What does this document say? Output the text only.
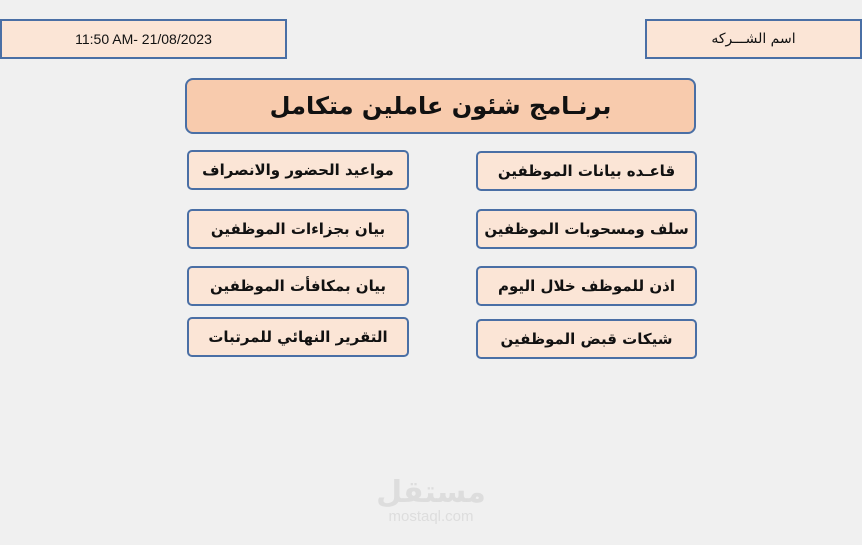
11:50 AM- 21/08/2023	اسم الشـــركه
برنـامج شئون عاملين متكامل
مواعيد الحضور والانصراف	قاعـده بيانات الموظفين
بيان بجزاءات الموظفين	سلف ومسحوبات الموظفين
بيان بمكافأت الموظفين	اذن للموظف خلال اليوم
التقرير النهائي للمرتبات	شيكات قبض الموظفين
مستقل
mostaql.com
